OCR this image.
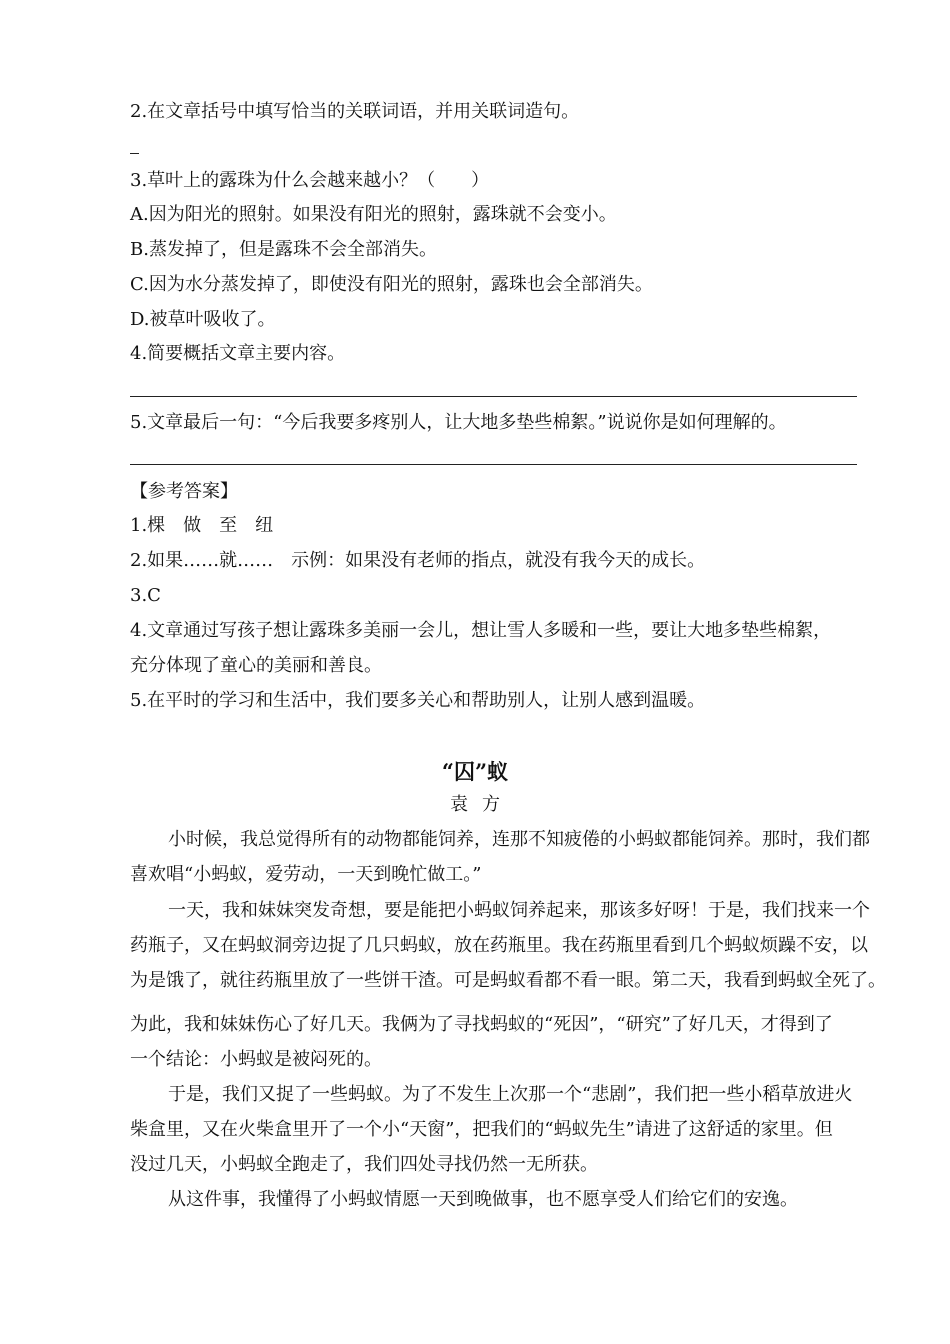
2.在文章括号中填写恰当的关联词语，并用关联词造句。
3.草叶上的露珠为什么会越来越小？（　　）
A.因为阳光的照射。如果没有阳光的照射，露珠就不会变小。
B.蒸发掉了，但是露珠不会全部消失。
C.因为水分蒸发掉了，即使没有阳光的照射，露珠也会全部消失。
D.被草叶吸收了。
4.简要概括文章主要内容。
5.文章最后一句：“今后我要多疼别人，让大地多垫些棉絮。”说说你是如何理解的。
【参考答案】
1.棵　做　至　纽
2.如果……就……　示例：如果没有老师的指点，就没有我今天的成长。
3.C
4.文章通过写孩子想让露珠多美丽一会儿，想让雪人多暖和一些，要让大地多垫些棉絮，
充分体现了童心的美丽和善良。
5.在平时的学习和生活中，我们要多关心和帮助别人，让别人感到温暖。
“囚”蚁
袁方
小时候，我总觉得所有的动物都能饲养，连那不知疲倦的小蚂蚁都能饲养。那时，我们都
喜欢唱“小蚂蚁，爱劳动，一天到晚忙做工。”
一天，我和妹妹突发奇想，要是能把小蚂蚁饲养起来，那该多好呀！于是，我们找来一个
药瓶子，又在蚂蚁洞旁边捉了几只蚂蚁，放在药瓶里。我在药瓶里看到几个蚂蚁烦躁不安，以
为是饿了，就往药瓶里放了一些饼干渣。可是蚂蚁看都不看一眼。第二天，我看到蚂蚁全死了。
为此，我和妹妹伤心了好几天。我俩为了寻找蚂蚁的“死因”，“研究”了好几天，才得到了
一个结论：小蚂蚁是被闷死的。
于是，我们又捉了一些蚂蚁。为了不发生上次那一个“悲剧”，我们把一些小稻草放进火
柴盒里，又在火柴盒里开了一个小“天窗”，把我们的“蚂蚁先生”请进了这舒适的家里。但
没过几天，小蚂蚁全跑走了，我们四处寻找仍然一无所获。
从这件事，我懂得了小蚂蚁情愿一天到晚做事，也不愿享受人们给它们的安逸。
